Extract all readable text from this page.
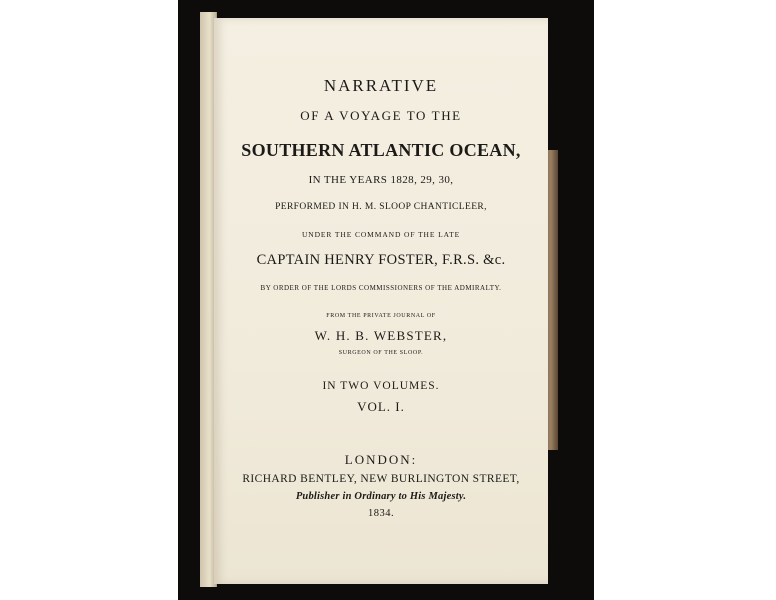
NARRATIVE
OF A VOYAGE TO THE
SOUTHERN ATLANTIC OCEAN,
IN THE YEARS 1828, 29, 30,
PERFORMED IN H. M. SLOOP CHANTICLEER,
UNDER THE COMMAND OF THE LATE
CAPTAIN HENRY FOSTER, F.R.S. &c.
BY ORDER OF THE LORDS COMMISSIONERS OF THE ADMIRALTY.
FROM THE PRIVATE JOURNAL OF
W. H. B. WEBSTER,
SURGEON OF THE SLOOP.
IN TWO VOLUMES.
VOL. I.
LONDON:
RICHARD BENTLEY, NEW BURLINGTON STREET,
Publisher in Ordinary to His Majesty.
1834.
